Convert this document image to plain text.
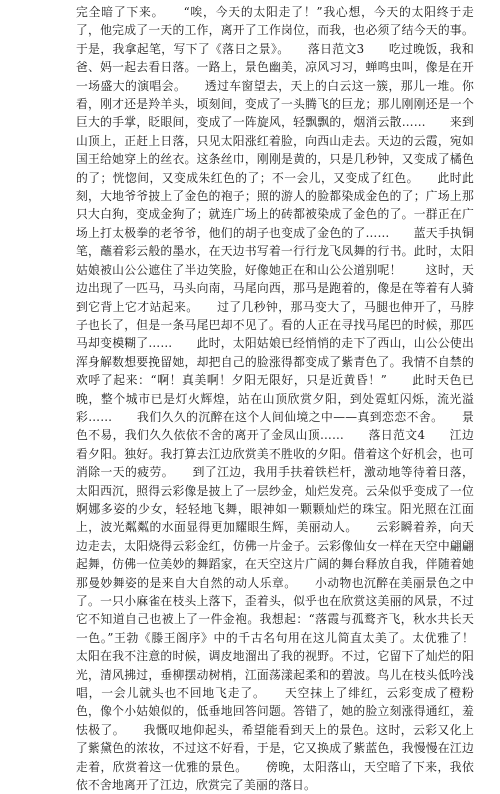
完全暗了下来。　　“唉，今天的太阳走了！”我心想，今天的太阳终于走了，他完成了一天的工作，离开了工作岗位，而我，也必须了结今天的事。于是，我拿起笔，写下了《落日之景》。　　落日范文3　　吃过晚饭，我和爸、妈一起去看日落。一路上，景色幽美，凉风习习，蝉鸣虫叫，像是在开一场盛大的演唱会。　　透过车窗望去，天上的白云这一簇，那儿一堆。你看，刚才还是羚羊头，顷刻间，变成了一头腾飞的巨龙；那儿刚刚还是一个巨大的手掌，眨眼间，变成了一阵旋风，轻飘飘的，烟消云散……　　来到山顶上，正赶上日落，只见太阳涨红着脸，向西山走去。天边的云霞，宛如国王给她穿上的丝衣。这条丝巾，刚刚是黄的，只是几秒钟，又变成了橘色的了；恍惚间，又变成朱红色的了；不一会儿，又变成了红色。　　此时此刻，大地爷爷披上了金色的袍子；照的游人的脸都染成金色的了；广场上那只大白狗，变成金狗了；就连广场上的砖都被染成了金色的了。一群正在广场上打太极拳的老爷爷，他们的胡子也变成了金色的了……　　蓝天手执铜笔，蘸着彩云般的墨水，在天边书写着一行行龙飞凤舞的行书。此时，太阳姑娘被山公公遮住了半边笑脸，好像她正在和山公公道别呢！　　这时，天边出现了一匹马，马头向南，马尾向西，那马是跑着的，像是在等着有人骑到它背上它才站起来。　　过了几秒钟，那马变大了，马腿也伸开了，马脖子也长了，但是一条马尾巴却不见了。看的人正在寻找马尾巴的时候，那匹马却变模糊了……　　此时，太阳姑娘已经悄悄的走下了西山，山公公使出浑身解数想要挽留她，却把自己的脸涨得都变成了紫青色了。我情不自禁的欢呼了起来：“啊！真美啊！夕阳无限好，只是近黄昏！”　　此时天色已晚，整个城市已是灯火辉煌，站在山顶欣赏夕阳，到处霓虹闪烁，流光溢彩……　　我们久久的沉醉在这个人间仙境之中——真到恋恋不舍。　　景色不易，我们久久依依不舍的离开了金凤山顶……　　落日范文4　　江边看夕阳。独好。我打算去江边欣赏美不胜收的夕阳。借着这个好机会，也可消除一天的疲劳。　　到了江边，我用手扶着铁栏杆，激动地等待着日落，太阳西沉，照得云彩像是披上了一层纱金，灿烂发亮。云朵似乎变成了一位婀娜多姿的少女，轻轻地飞舞，眼神如一颗颗灿烂的珠宝。阳光照在江面上，波光粼粼的水面显得更加耀眼生辉，美丽动人。　　云彩瞬着养，向天边走去，太阳烧得云彩金红，仿佛一片金子。云彩像仙女一样在天空中翩翩起舞，仿佛一位美妙的舞蹈家，在天空这片广阔的舞台释放自我，伴随着她那曼妙舞姿的是来自大自然的动人乐章。　　小动物也沉醉在美丽景色之中了。一只小麻雀在枝头上落下，歪着头，似乎也在欣赏这美丽的风景，不过它不知道自己也被上了一件金袍。我想起：“落霞与孤鹜齐飞，秋水共长天一色。”王勃《滕王阁序》中的千古名句用在这儿简直太美了。太优雅了！　　太阳在我不注意的时候，调皮地溜出了我的视野。不过，它留下了灿烂的阳光，清风拂过，垂柳摆动树梢，江面荡漾起柔和的碧波。鸟儿在枝头低吟浅唱，一会儿就头也不回地飞走了。　　天空抹上了绯红，云彩变成了橙粉色，像个小姑娘似的，低垂地回答问题。答错了，她的脸立刻涨得通红，羞怯极了。　　我慨叹地仰起头，希望能看到天上的景色。这时，云彩又化上了紫黛色的浓妆，不过这不好看，于是，它又换成了紫蓝色，我慢慢在江边走着，欣赏着这一优雅的景色。　　傍晚，太阳落山，天空暗了下来，我依依不舍地离开了江边，欣赏完了美丽的落日。
